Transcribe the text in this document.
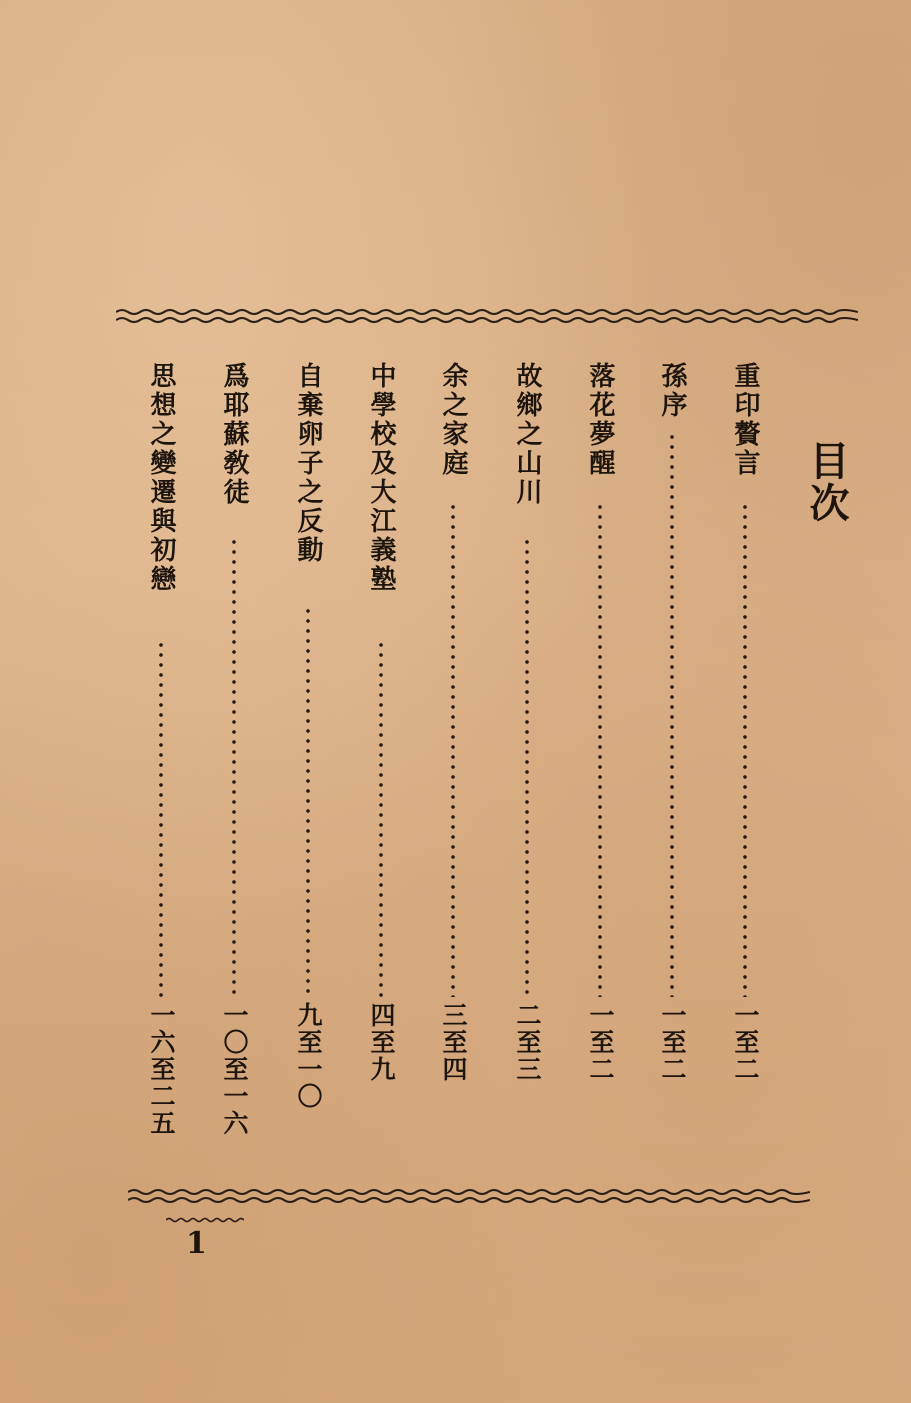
目次
重印贅言
一至二
孫序
一至二
落花夢醒
一至二
故鄉之山川
二至三
余之家庭
三至四
中學校及大江義塾
四至九
自棄卵子之反動
九至一〇
爲耶蘇敎徒
一〇至一六
思想之變遷與初戀
一六至二五
1
